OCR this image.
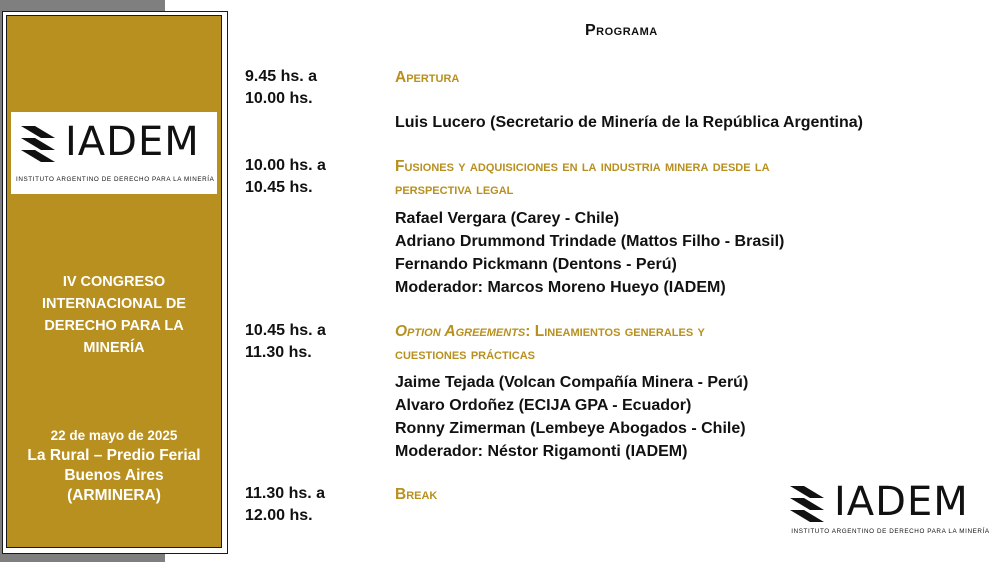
IADEM
INSTITUTO ARGENTINO DE DERECHO PARA LA MINERÍA
IV CONGRESO
INTERNACIONAL DE
DERECHO PARA LA
MINERÍA
22 de mayo de 2025
La Rural – Predio Ferial
Buenos Aires
(ARMINERA)
Programa
9.45 hs. a
10.00 hs.
Apertura
Luis Lucero (Secretario de Minería de la República Argentina)
10.00 hs. a
10.45 hs.
Fusiones y adquisiciones en la industria minera desde la
perspectiva legal
Rafael Vergara (Carey - Chile)
Adriano Drummond Trindade (Mattos Filho - Brasil)
Fernando Pickmann (Dentons - Perú)
Moderador: Marcos Moreno Hueyo (IADEM)
10.45 hs. a
11.30 hs.
Option Agreements: Lineamientos generales y
cuestiones prácticas
Jaime Tejada (Volcan Compañía Minera - Perú)
Alvaro Ordoñez (ECIJA GPA - Ecuador)
Ronny Zimerman (Lembeye Abogados - Chile)
Moderador: Néstor Rigamonti (IADEM)
11.30 hs. a
12.00 hs.
Break	IADEM
INSTITUTO ARGENTINO DE DERECHO PARA LA MINERÍA
